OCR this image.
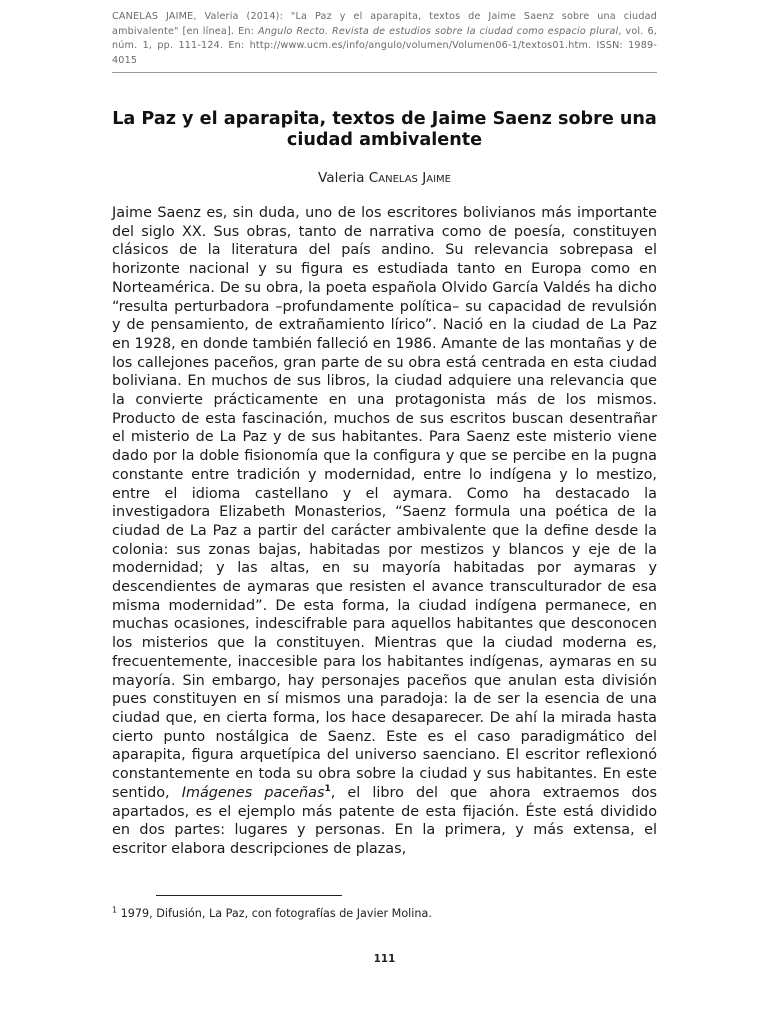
CANELAS JAIME, Valeria (2014): "La Paz y el aparapita, textos de Jaime Saenz sobre una ciudad ambivalente" [en línea]. En: Angulo Recto. Revista de estudios sobre la ciudad como espacio plural, vol. 6, núm. 1, pp. 111-124. En: http://www.ucm.es/info/angulo/volumen/Volumen06-1/textos01.htm. ISSN: 1989-4015
La Paz y el aparapita, textos de Jaime Saenz sobre una ciudad ambivalente
Valeria Canelas Jaime

Jaime Saenz es, sin duda, uno de los escritores bolivianos más importante del siglo XX. Sus obras, tanto de narrativa como de poesía, constituyen clásicos de la literatura del país andino. Su relevancia sobrepasa el horizonte nacional y su figura es estudiada tanto en Europa como en Norteamérica. De su obra, la poeta española Olvido García Valdés ha dicho “resulta perturbadora –profundamente política– su capacidad de revulsión y de pensamiento, de extrañamiento lírico”. Nació en la ciudad de La Paz en 1928, en donde también falleció en 1986. Amante de las montañas y de los callejones paceños, gran parte de su obra está centrada en esta ciudad boliviana. En muchos de sus libros, la ciudad adquiere una relevancia que la convierte prácticamente en una protagonista más de los mismos. Producto de esta fascinación, muchos de sus escritos buscan desentrañar el misterio de La Paz y de sus habitantes. Para Saenz este misterio viene dado por la doble fisionomía que la configura y que se percibe en la pugna constante entre tradición y modernidad, entre lo indígena y lo mestizo, entre el idioma castellano y el aymara. Como ha destacado la investigadora Elizabeth Monasterios, “Saenz formula una poética de la ciudad de La Paz a partir del carácter ambivalente que la define desde la colonia: sus zonas bajas, habitadas por mestizos y blancos y eje de la modernidad; y las altas, en su mayoría habitadas por aymaras y descendientes de aymaras que resisten el avance transculturador de esa misma modernidad”. De esta forma, la ciudad indígena permanece, en muchas ocasiones, indescifrable para aquellos habitantes que desconocen los misterios que la constituyen. Mientras que la ciudad moderna es, frecuentemente, inaccesible para los habitantes indígenas, aymaras en su mayoría. Sin embargo, hay personajes paceños que anulan esta división pues constituyen en sí mismos una paradoja: la de ser la esencia de una ciudad que, en cierta forma, los hace desaparecer. De ahí la mirada hasta cierto punto nostálgica de Saenz. Este es el caso paradigmático del aparapita, figura arquetípica del universo saenciano. El escritor reflexionó constantemente en toda su obra sobre la ciudad y sus habitantes. En este sentido, Imágenes paceñas$^1$, el libro del que ahora extraemos dos apartados, es el ejemplo más patente de esta fijación. Éste está dividido en dos partes: lugares y personas. En la primera, y más extensa, el escritor elabora descripciones de plazas,

$^1$ 1979, Difusión, La Paz, con fotografías de Javier Molina.
111
